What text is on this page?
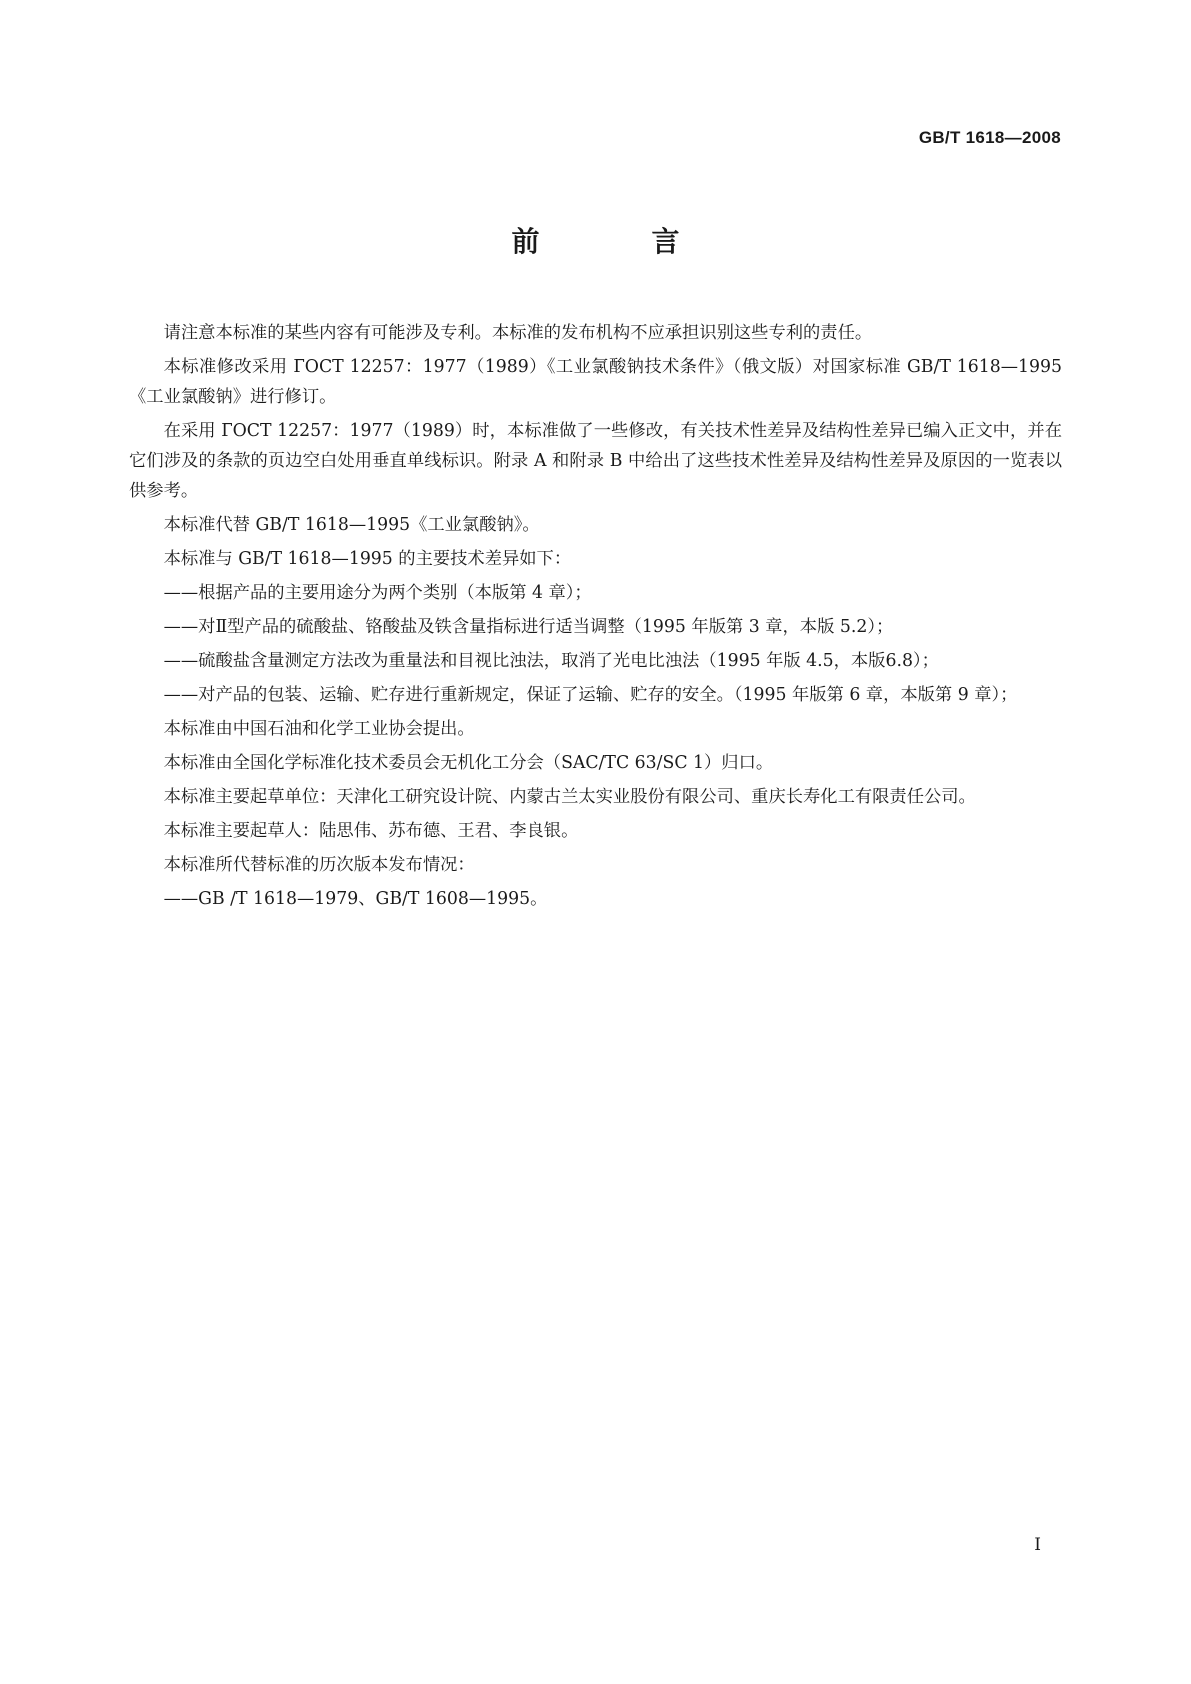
GB/T 1618—2008
前　言

请注意本标准的某些内容有可能涉及专利。本标准的发布机构不应承担识别这些专利的责任。

本标准修改采用 ГОСТ 12257：1977（1989）《工业氯酸钠技术条件》（俄文版）对国家标准 GB/T 1618—1995《工业氯酸钠》进行修订。

在采用 ГОСТ 12257：1977（1989）时，本标准做了一些修改，有关技术性差异及结构性差异已编入正文中，并在它们涉及的条款的页边空白处用垂直单线标识。附录 A 和附录 B 中给出了这些技术性差异及结构性差异及原因的一览表以供参考。

本标准代替 GB/T 1618—1995《工业氯酸钠》。

本标准与 GB/T 1618—1995 的主要技术差异如下：

——根据产品的主要用途分为两个类别（本版第 4 章）；
——对Ⅱ型产品的硫酸盐、铬酸盐及铁含量指标进行适当调整（1995 年版第 3 章，本版 5.2）；
——硫酸盐含量测定方法改为重量法和目视比浊法，取消了光电比浊法（1995 年版 4.5，本版6.8）；
——对产品的包装、运输、贮存进行重新规定，保证了运输、贮存的安全。（1995 年版第 6 章，本版第 9 章）；

本标准由中国石油和化学工业协会提出。

本标准由全国化学标准化技术委员会无机化工分会（SAC/TC 63/SC 1）归口。

本标准主要起草单位：天津化工研究设计院、内蒙古兰太实业股份有限公司、重庆长寿化工有限责任公司。

本标准主要起草人：陆思伟、苏布德、王君、李良银。

本标准所代替标准的历次版本发布情况：

——GB /T 1618—1979、GB/T 1608—1995。
Ⅰ
